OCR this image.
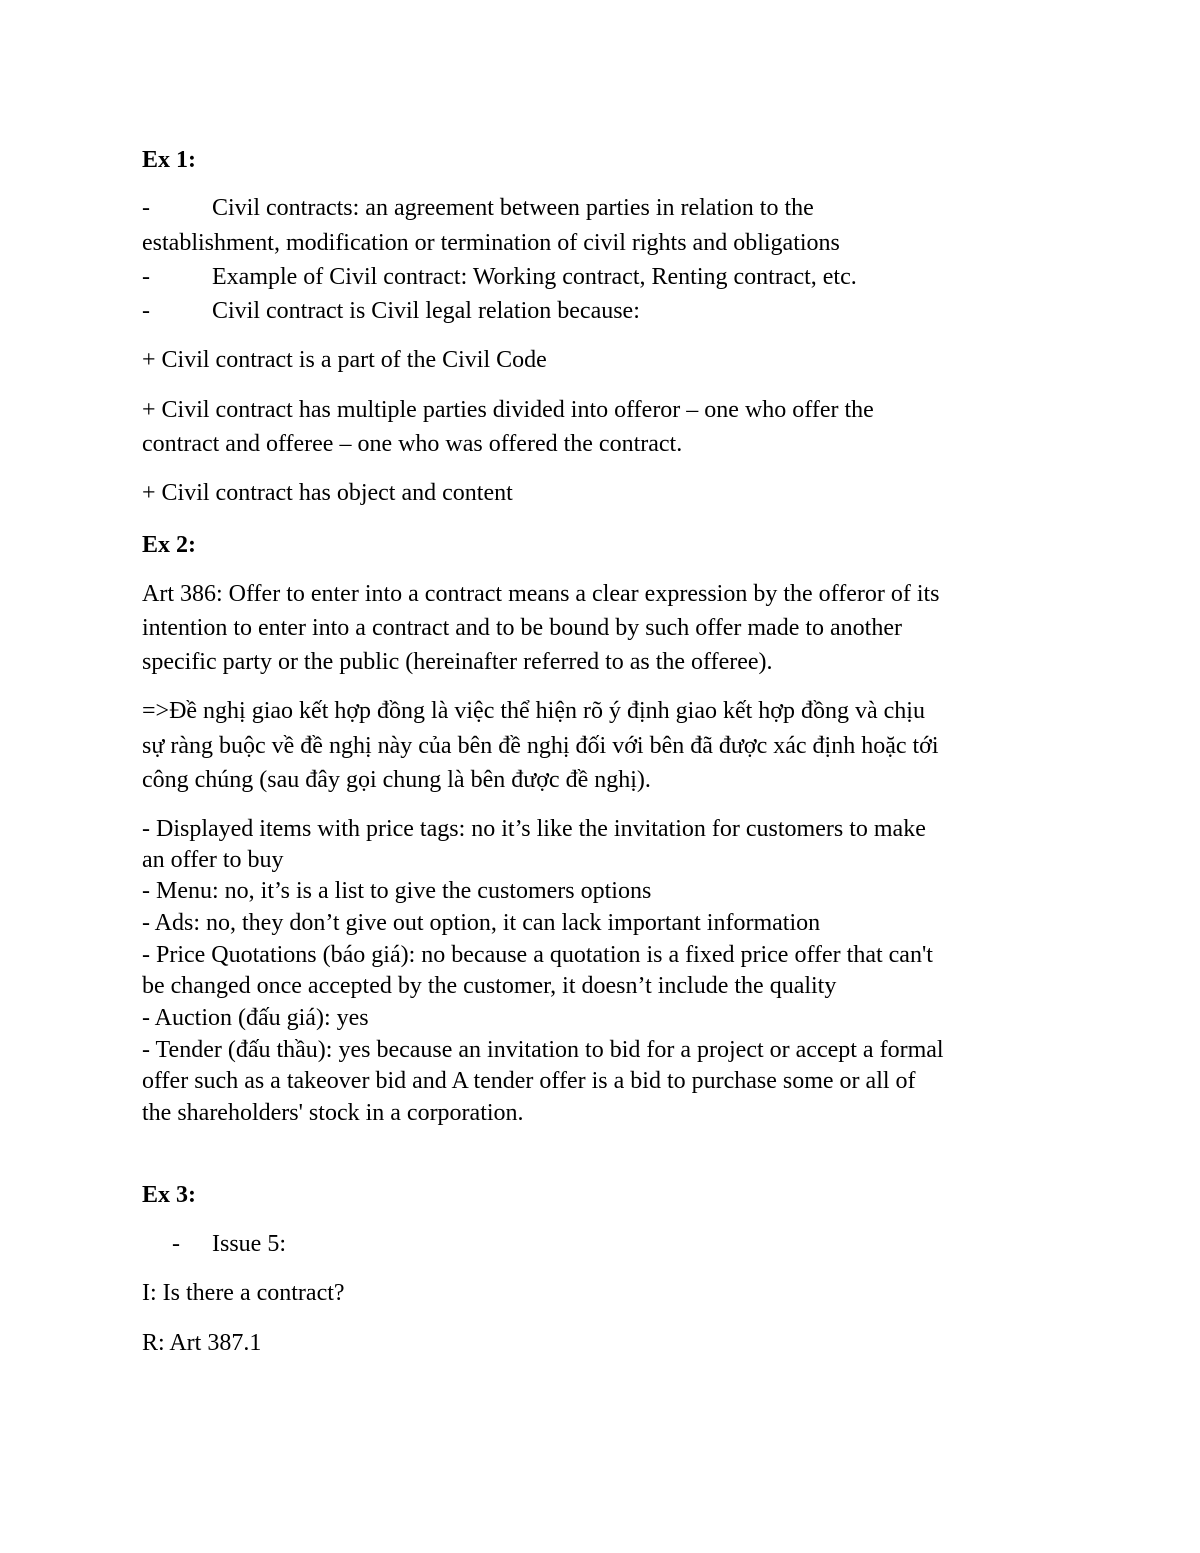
Ex 1:
-	Civil contracts: an agreement between parties in relation to the
establishment, modification or termination of civil rights and obligations
-	Example of Civil contract: Working contract, Renting contract, etc.
-	Civil contract is Civil legal relation because:
+ Civil contract is a part of the Civil Code
+ Civil contract has multiple parties divided into offeror – one who offer the
contract and offeree – one who was offered the contract.
+ Civil contract has object and content
Ex 2:
Art 386: Offer to enter into a contract means a clear expression by the offeror of its
intention to enter into a contract and to be bound by such offer made to another
specific party or the public (hereinafter referred to as the offeree).
=>Đề nghị giao kết hợp đồng là việc thể hiện rõ ý định giao kết hợp đồng và chịu
sự ràng buộc về đề nghị này của bên đề nghị đối với bên đã được xác định hoặc tới
công chúng (sau đây gọi chung là bên được đề nghị).
- Displayed items with price tags: no it’s like the invitation for customers to make
an offer to buy
- Menu: no, it’s is a list to give the customers options
- Ads: no, they don’t give out option, it can lack important information
- Price Quotations (báo giá): no because a quotation is a fixed price offer that can't
be changed once accepted by the customer, it doesn’t include the quality
- Auction (đấu giá): yes
- Tender (đấu thầu): yes because an invitation to bid for a project or accept a formal
offer such as a takeover bid and A tender offer is a bid to purchase some or all of
the shareholders' stock in a corporation.
Ex 3:
- Issue 5:
I: Is there a contract?
R: Art 387.1
